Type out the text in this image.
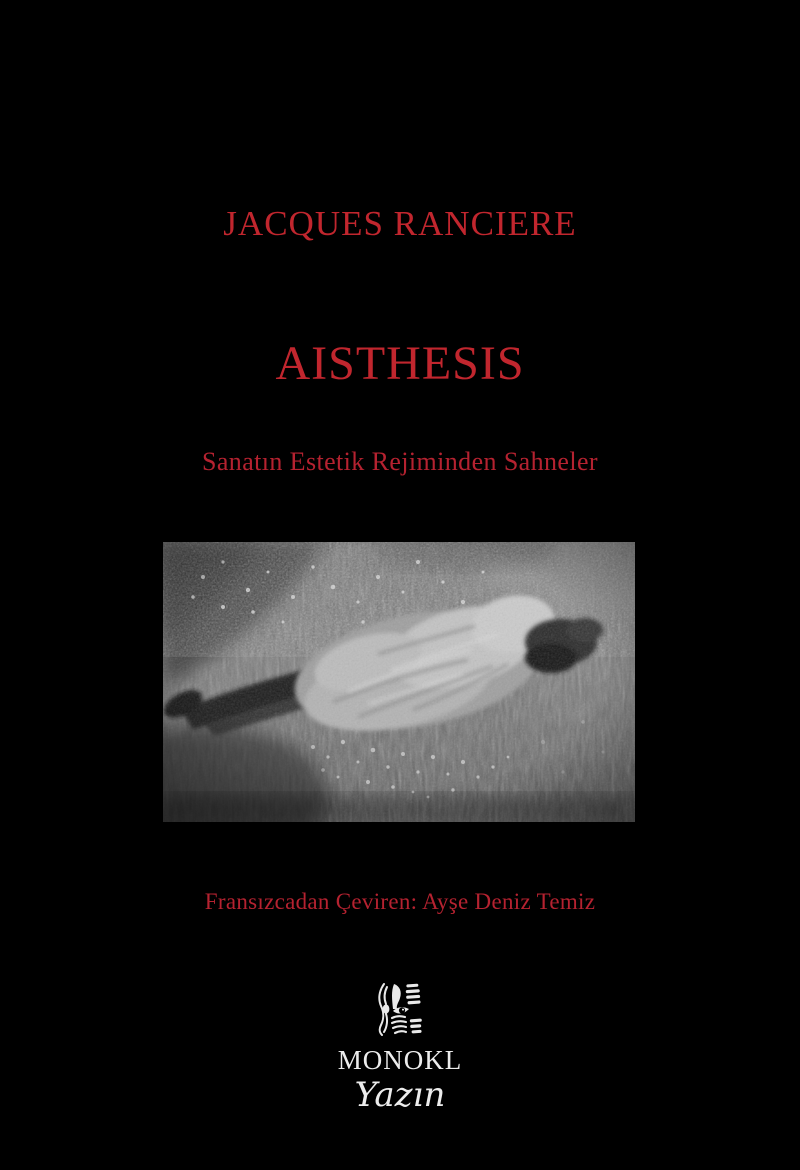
JACQUES RANCIERE
AISTHESIS
Sanatın Estetik Rejiminden Sahneler
Fransızcadan Çeviren: Ayşe Deniz Temiz
MONOKL
Yazın
